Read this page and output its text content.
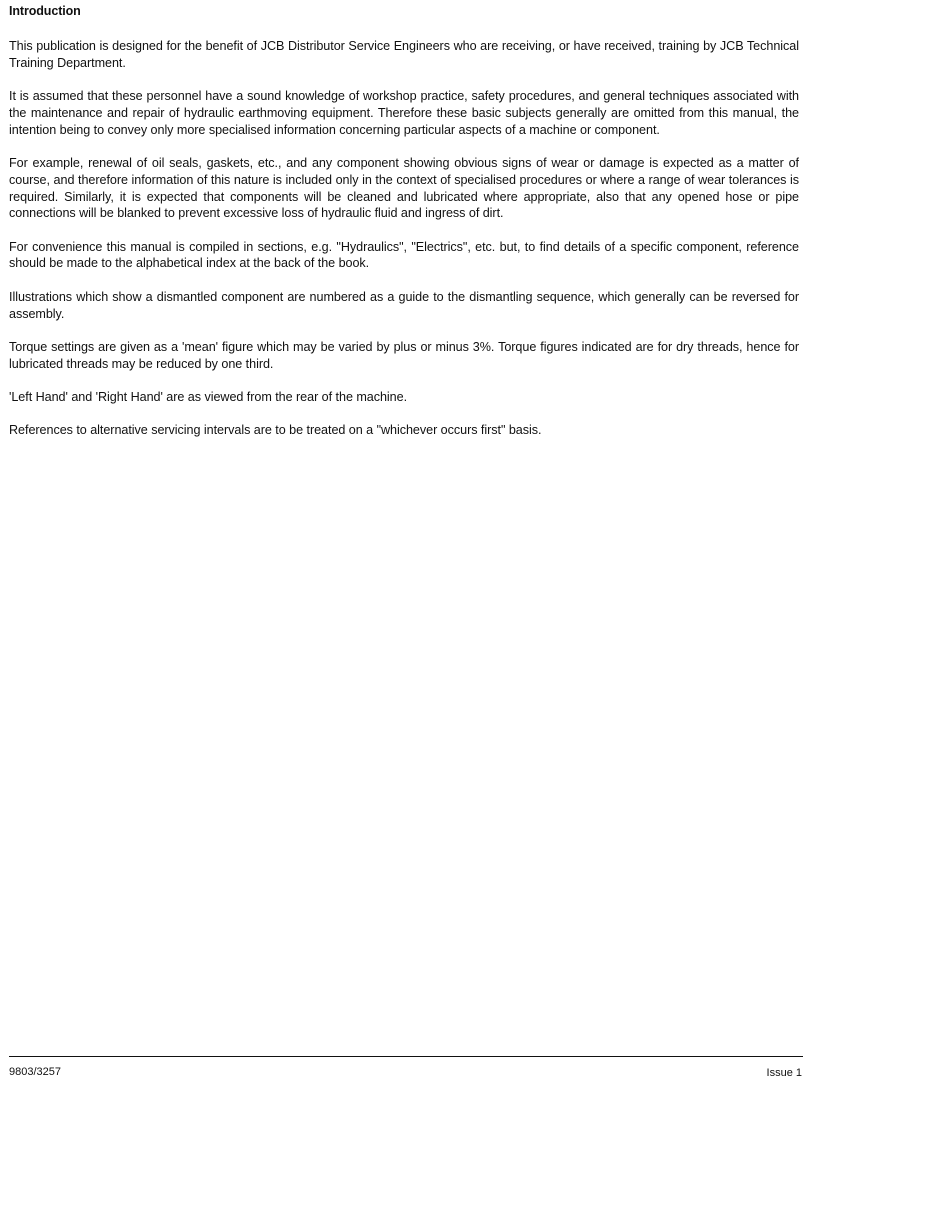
Introduction

This publication is designed for the benefit of JCB Distributor Service Engineers who are receiving, or have received, training by JCB Technical Training Department.

It is assumed that these personnel have a sound knowledge of workshop practice, safety procedures, and general techniques associated with the maintenance and repair of hydraulic earthmoving equipment. Therefore these basic subjects generally are omitted from this manual, the intention being to convey only more specialised information concerning particular aspects of a machine or component.

For example, renewal of oil seals, gaskets, etc., and any component showing obvious signs of wear or damage is expected as a matter of course, and therefore information of this nature is included only in the context of specialised procedures or where a range of wear tolerances is required. Similarly, it is expected that components will be cleaned and lubricated where appropriate, also that any opened hose or pipe connections will be blanked to prevent excessive loss of hydraulic fluid and ingress of dirt.

For convenience this manual is compiled in sections, e.g. "Hydraulics", "Electrics", etc. but, to find details of a specific component, reference should be made to the alphabetical index at the back of the book.

Illustrations which show a dismantled component are numbered as a guide to the dismantling sequence, which generally can be reversed for assembly.

Torque settings are given as a 'mean' figure which may be varied by plus or minus 3%. Torque figures indicated are for dry threads, hence for lubricated threads may be reduced by one third.

'Left Hand' and 'Right Hand' are as viewed from the rear of the machine.

References to alternative servicing intervals are to be treated on a "whichever occurs first" basis.

9803/3257	Issue 1
